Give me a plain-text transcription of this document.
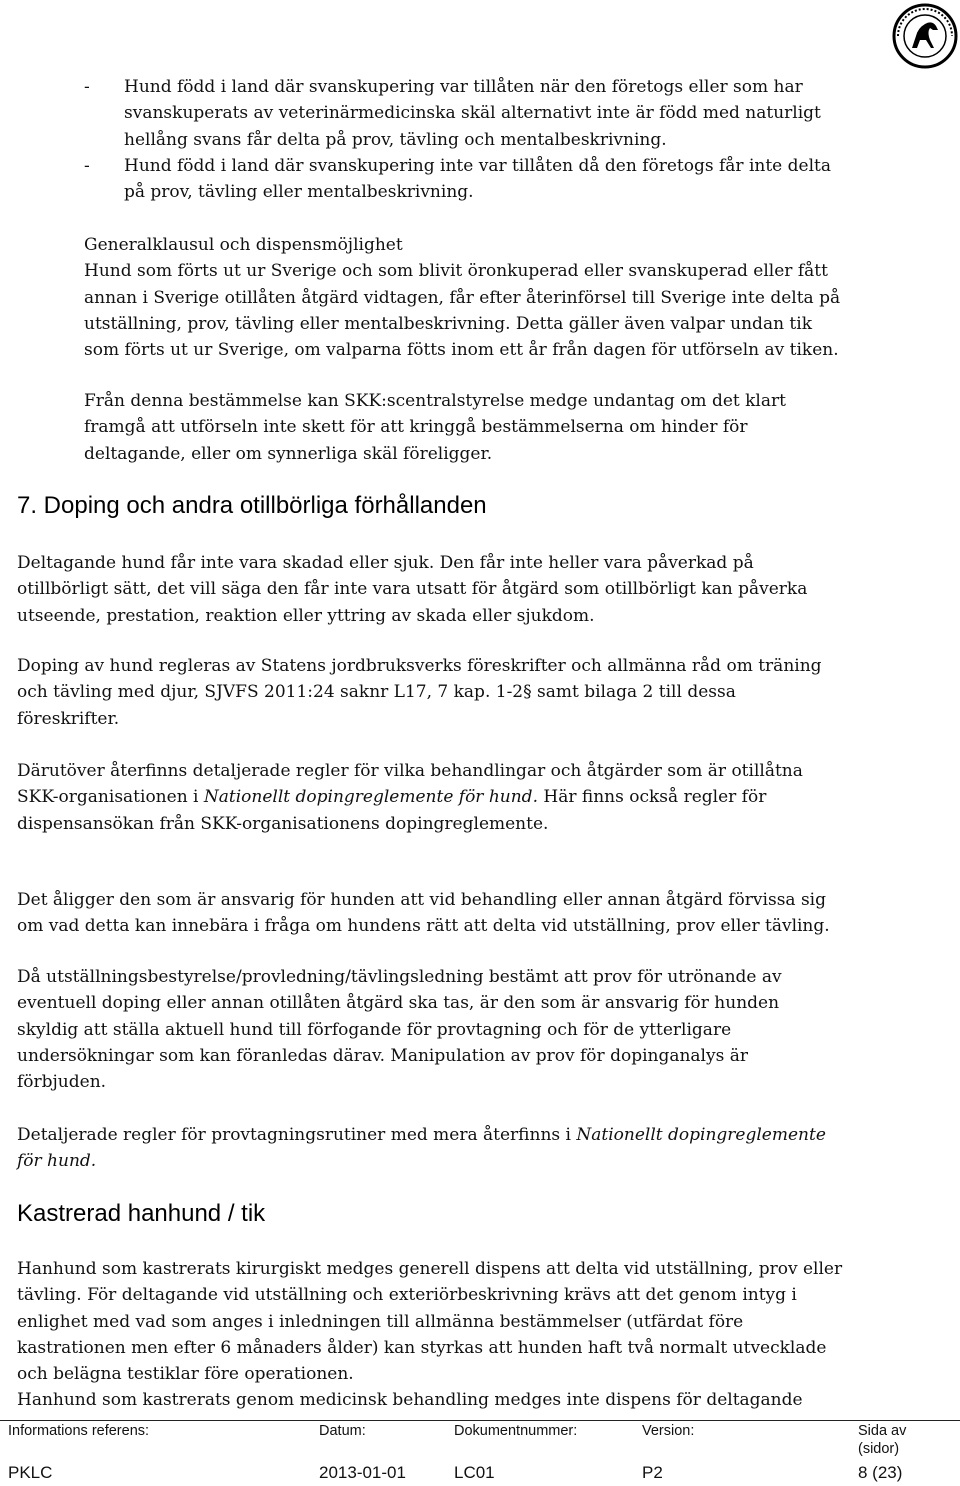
- Hund född i land där svanskupering var tillåten när den företogs eller som har
svanskuperats av veterinärmedicinska skäl alternativt inte är född med naturligt
hellång svans får delta på prov, tävling och mentalbeskrivning.
- Hund född i land där svanskupering inte var tillåten då den företogs får inte delta
på prov, tävling eller mentalbeskrivning.
Generalklausul och dispensmöjlighet
Hund som förts ut ur Sverige och som blivit öronkuperad eller svanskuperad eller fått
annan i Sverige otillåten åtgärd vidtagen, får efter återinförsel till Sverige inte delta på
utställning, prov, tävling eller mentalbeskrivning. Detta gäller även valpar undan tik
som förts ut ur Sverige, om valparna fötts inom ett år från dagen för utförseln av tiken.
Från denna bestämmelse kan SKK:scentralstyrelse medge undantag om det klart
framgå att utförseln inte skett för att kringgå bestämmelserna om hinder för
deltagande, eller om synnerliga skäl föreligger.
7. Doping och andra otillbörliga förhållanden
Deltagande hund får inte vara skadad eller sjuk. Den får inte heller vara påverkad på
otillbörligt sätt, det vill säga den får inte vara utsatt för åtgärd som otillbörligt kan påverka
utseende, prestation, reaktion eller yttring av skada eller sjukdom.
Doping av hund regleras av Statens jordbruksverks föreskrifter och allmänna råd om träning
och tävling med djur, SJVFS 2011:24 saknr L17, 7 kap. 1-2§ samt bilaga 2 till dessa
föreskrifter.
Därutöver återfinns detaljerade regler för vilka behandlingar och åtgärder som är otillåtna
SKK-organisationen i Nationellt dopingreglemente för hund. Här finns också regler för
dispensansökan från SKK-organisationens dopingreglemente.
Det åligger den som är ansvarig för hunden att vid behandling eller annan åtgärd förvissa sig
om vad detta kan innebära i fråga om hundens rätt att delta vid utställning, prov eller tävling.
Då utställningsbestyrelse/provledning/tävlingsledning bestämt att prov för utrönande av
eventuell doping eller annan otillåten åtgärd ska tas, är den som är ansvarig för hunden
skyldig att ställa aktuell hund till förfogande för provtagning och för de ytterligare
undersökningar som kan föranledas därav. Manipulation av prov för dopinganalys är
förbjuden.
Detaljerade regler för provtagningsrutiner med mera återfinns i Nationellt dopingreglemente
för hund.
Kastrerad hanhund / tik
Hanhund som kastrerats kirurgiskt medges generell dispens att delta vid utställning, prov eller
tävling. För deltagande vid utställning och exteriörbeskrivning krävs att det genom intyg i
enlighet med vad som anges i inledningen till allmänna bestämmelser (utfärdat före
kastrationen men efter 6 månaders ålder) kan styrkas att hunden haft två normalt utvecklade
och belägna testiklar före operationen.
Hanhund som kastrerats genom medicinsk behandling medges inte dispens för deltagande
Informations referens:	Datum:	Dokumentnummer:	Version:	Sida av
(sidor)
PKLC	2013-01-01	LC01	P2	8 (23)
